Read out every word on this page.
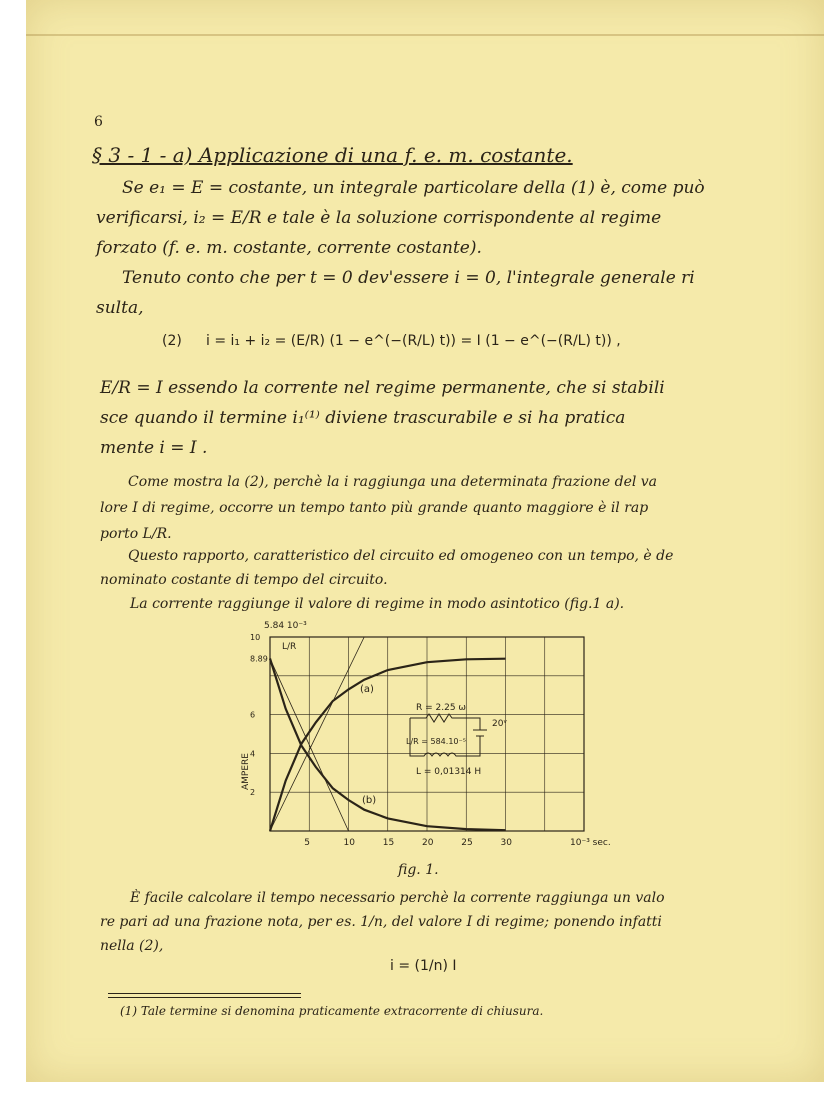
6
§ 3 - 1 - a) Applicazione di una f. e. m. costante.
Se e₁ = E = costante, un integrale particolare della (1) è, come può
verificarsi, i₂ = E/R e tale è la soluzione corrispondente al regime
forzato (f. e. m. costante, corrente costante).
Tenuto conto che per t = 0 dev'essere i = 0, l'integrale generale ri
sulta,
(2) i = i₁ + i₂ = (E/R) (1 − e^(−(R/L) t)) = I (1 − e^(−(R/L) t)) ,
E/R = I essendo la corrente nel regime permanente, che si stabili
sce quando il termine i₁⁽¹⁾ diviene trascurabile e si ha pratica
mente i = I .
Come mostra la (2), perchè la i raggiunga una determinata frazione del va
lore I di regime, occorre un tempo tanto più grande quanto maggiore è il rap
porto L/R.
Questo rapporto, caratteristico del circuito ed omogeneo con un tempo, è de
nominato costante di tempo del circuito.
La corrente raggiunge il valore di regime in modo asintotico (fig.1 a).
5.84 10⁻³
L/R
AMPERE
10
8.89
6
4
2
5	10	15	20	25	30	10⁻³ sec.
(a)
(b)
R = 2.25 ω
20ᵛ
L/R = 584.10⁻⁵
L = 0,01314 H
fig. 1.
È facile calcolare il tempo necessario perchè la corrente raggiunga un valo
re pari ad una frazione nota, per es. 1/n, del valore I di regime; ponendo infatti
nella (2),
i = (1/n) I
(1) Tale termine si denomina praticamente extracorrente di chiusura.
